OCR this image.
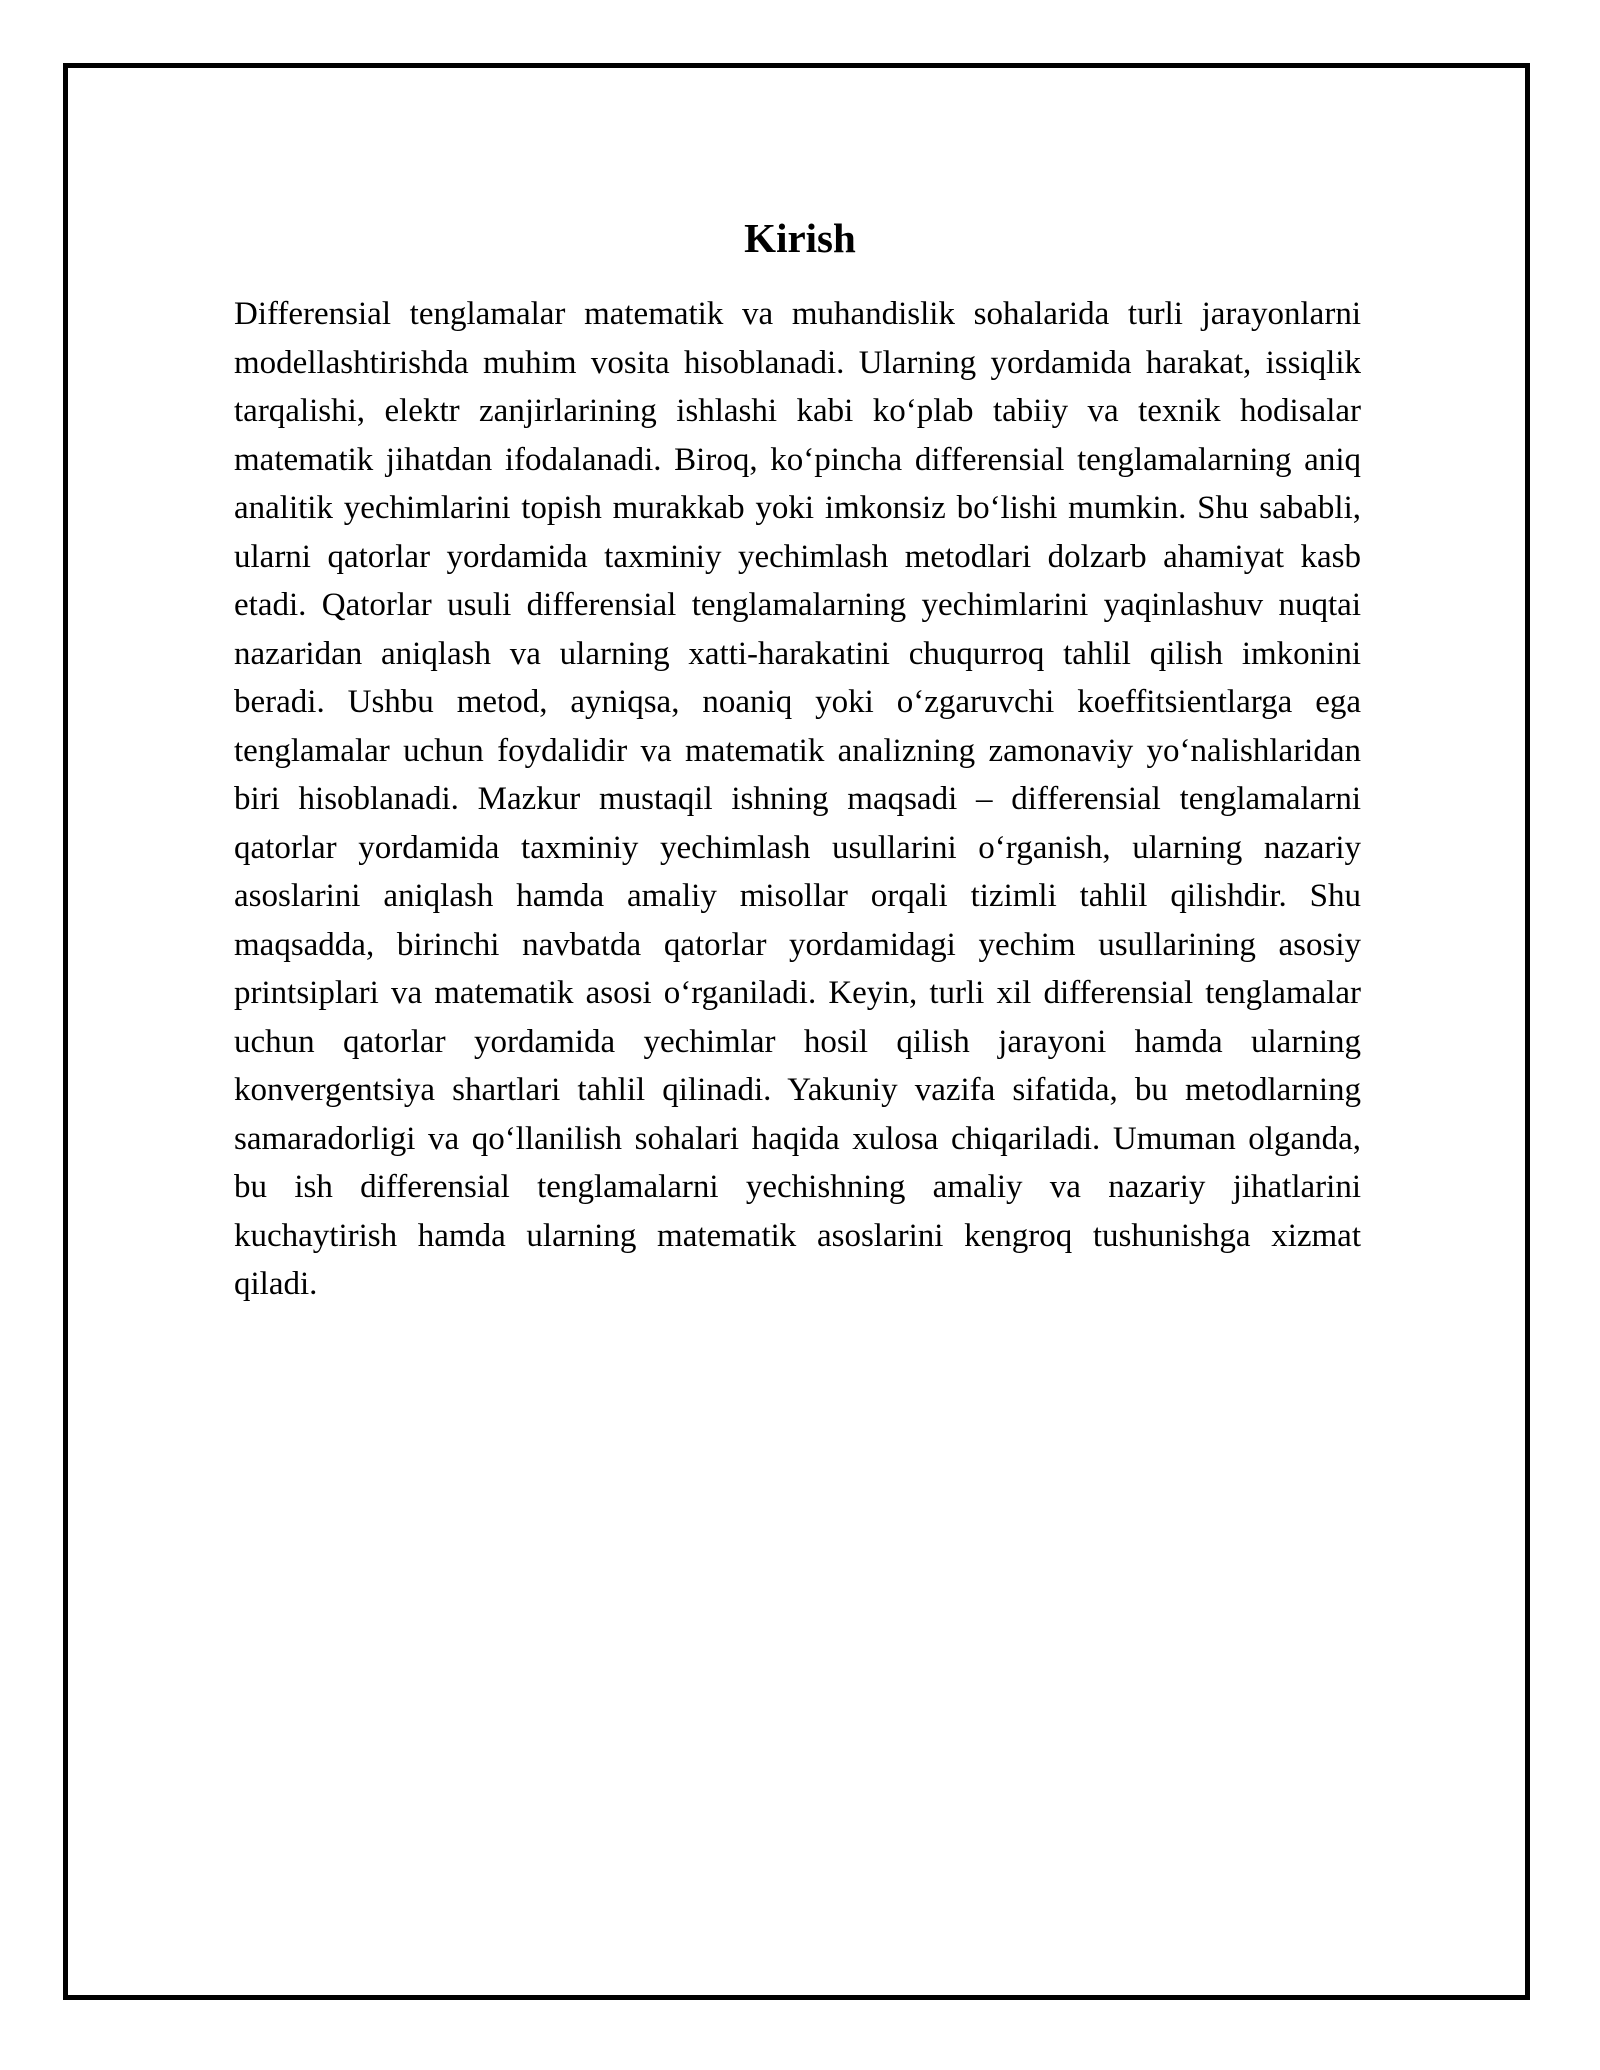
Kirish

Differensial tenglamalar matematik va muhandislik sohalarida turli jarayonlarni modellashtirishda muhim vosita hisoblanadi. Ularning yordamida harakat, issiqlik tarqalishi, elektr zanjirlarining ishlashi kabi ko‘plab tabiiy va texnik hodisalar matematik jihatdan ifodalanadi. Biroq, ko‘pincha differensial tenglamalarning aniq analitik yechimlarini topish murakkab yoki imkonsiz bo‘lishi mumkin. Shu sababli, ularni qatorlar yordamida taxminiy yechimlash metodlari dolzarb ahamiyat kasb etadi. Qatorlar usuli differensial tenglamalarning yechimlarini yaqinlashuv nuqtai nazaridan aniqlash va ularning xatti-harakatini chuqurroq tahlil qilish imkonini beradi. Ushbu metod, ayniqsa, noaniq yoki o‘zgaruvchi koeffitsientlarga ega tenglamalar uchun foydalidir va matematik analizning zamonaviy yo‘nalishlaridan biri hisoblanadi. Mazkur mustaqil ishning maqsadi – differensial tenglamalarni qatorlar yordamida taxminiy yechimlash usullarini o‘rganish, ularning nazariy asoslarini aniqlash hamda amaliy misollar orqali tizimli tahlil qilishdir. Shu maqsadda, birinchi navbatda qatorlar yordamidagi yechim usullarining asosiy printsiplari va matematik asosi o‘rganiladi. Keyin, turli xil differensial tenglamalar uchun qatorlar yordamida yechimlar hosil qilish jarayoni hamda ularning konvergentsiya shartlari tahlil qilinadi. Yakuniy vazifa sifatida, bu metodlarning samaradorligi va qo‘llanilish sohalari haqida xulosa chiqariladi. Umuman olganda, bu ish differensial tenglamalarni yechishning amaliy va nazariy jihatlarini kuchaytirish hamda ularning matematik asoslarini kengroq tushunishga xizmat qiladi.
